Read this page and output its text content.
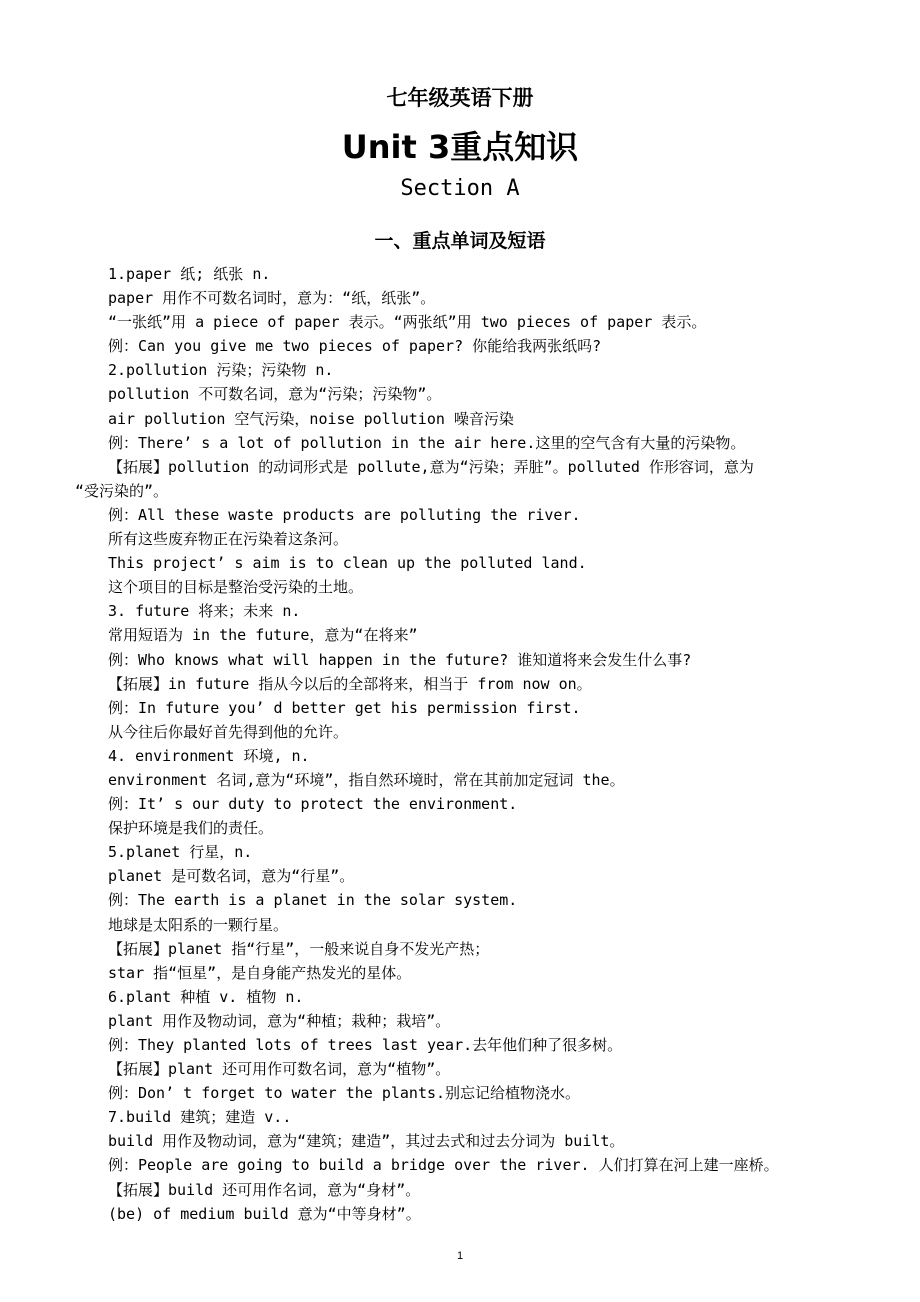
七年级英语下册
Unit 3重点知识
Section A
一、重点单词及短语
1.paper 纸; 纸张 n.
paper 用作不可数名词时，意为：“纸，纸张”。
“一张纸”用 a piece of paper 表示。“两张纸”用 two pieces of paper 表示。
例：Can you give me two pieces of paper? 你能给我两张纸吗?
2.pollution 污染；污染物 n.
pollution 不可数名词，意为“污染；污染物”。
air pollution 空气污染，noise pollution 噪音污染
例：There’ s a lot of pollution in the air here.这里的空气含有大量的污染物。
【拓展】pollution 的动词形式是 pollute,意为“污染；弄脏”。polluted 作形容词，意为
“受污染的”。
例：All these waste products are polluting the river.
所有这些废弃物正在污染着这条河。
This project’ s aim is to clean up the polluted land.
这个项目的目标是整治受污染的土地。
3. future 将来；未来 n.
常用短语为 in the future，意为“在将来”
例：Who knows what will happen in the future? 谁知道将来会发生什么事?
【拓展】in future 指从今以后的全部将来，相当于 from now on。
例：In future you’ d better get his permission first.
从今往后你最好首先得到他的允许。
4. environment 环境, n.
environment 名词,意为“环境”，指自然环境时，常在其前加定冠词 the。
例：It’ s our duty to protect the environment.
保护环境是我们的责任。
5.planet 行星，n.
planet 是可数名词，意为“行星”。
例：The earth is a planet in the solar system.
地球是太阳系的一颗行星。
【拓展】planet 指“行星”，一般来说自身不发光产热；
star 指“恒星”，是自身能产热发光的星体。
6.plant 种植 v. 植物 n.
plant 用作及物动词，意为“种植；栽种；栽培”。
例：They planted lots of trees last year.去年他们种了很多树。
【拓展】plant 还可用作可数名词，意为“植物”。
例：Don’ t forget to water the plants.别忘记给植物浇水。
7.build 建筑；建造 v..
build 用作及物动词，意为“建筑；建造”，其过去式和过去分词为 built。
例：People are going to build a bridge over the river. 人们打算在河上建一座桥。
【拓展】build 还可用作名词，意为“身材”。
(be) of medium build 意为“中等身材”。
1
